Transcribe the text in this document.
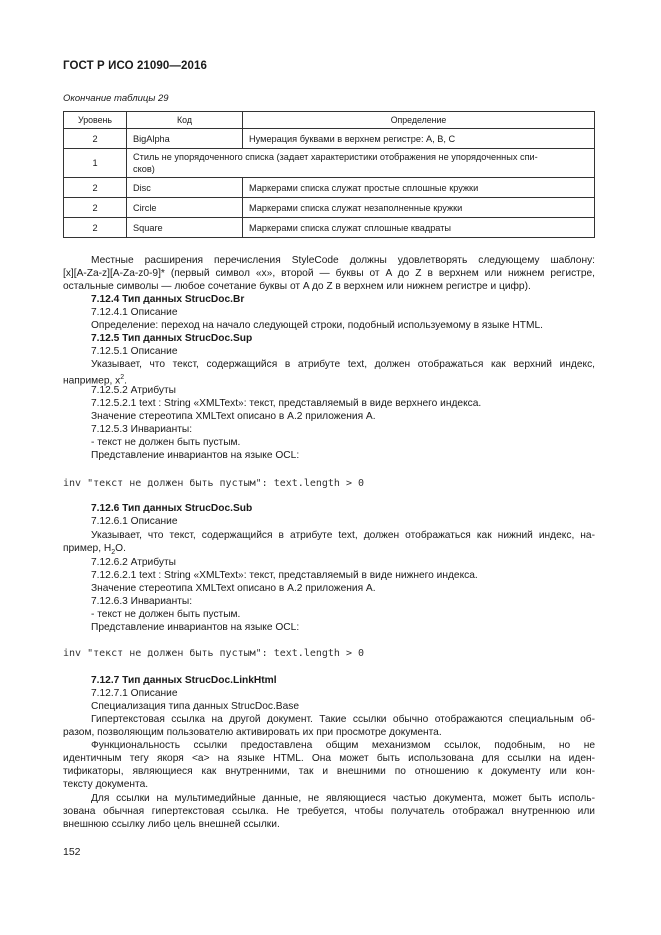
ГОСТ Р ИСО 21090—2016
Окончание таблицы 29
Уровень	Код	Определение
2	BigAlpha	Нумерация буквами в верхнем регистре: A, B, C
1	Стиль не упорядоченного списка (задает характеристики отображения не упорядоченных спи-
сков)	

2	Disc	Маркерами списка служат простые сплошные кружки
2	Circle	Маркерами списка служат незаполненные кружки
2	Square	Маркерами списка служат сплошные квадраты
Местные расширения перечисления StyleCode должны удовлетворять следующему шаблону:
[x][A-Za-z][A-Za-z0-9]* (первый символ «x», второй — буквы от A до Z в верхнем или нижнем регистре,
остальные символы — любое сочетание буквы от A до Z в верхнем или нижнем регистре и цифр).
7.12.4 Тип данных StrucDoc.Br
7.12.4.1 Описание
Определение: переход на начало следующей строки, подобный используемому в языке HTML.
7.12.5 Тип данных StrucDoc.Sup
7.12.5.1 Описание
Указывает, что текст, содержащийся в атрибуте text, должен отображаться как верхний индекс,
например, $x^2$.
7.12.5.2 Атрибуты
7.12.5.2.1 text : String «XMLText»: текст, представляемый в виде верхнего индекса.
Значение стереотипа XMLText описано в A.2 приложения A.
7.12.5.3 Инварианты:
- текст не должен быть пустым.
Представление инвариантов на языке OCL:
inv "текст не должен быть пустым": text.length > 0
7.12.6 Тип данных StrucDoc.Sub
7.12.6.1 Описание
Указывает, что текст, содержащийся в атрибуте text, должен отображаться как нижний индекс, на-
пример, $H_2O$.
7.12.6.2 Атрибуты
7.12.6.2.1 text : String «XMLText»: текст, представляемый в виде нижнего индекса.
Значение стереотипа XMLText описано в A.2 приложения A.
7.12.6.3 Инварианты:
- текст не должен быть пустым.
Представление инвариантов на языке OCL:
inv "текст не должен быть пустым": text.length > 0
7.12.7 Тип данных StrucDoc.LinkHtml
7.12.7.1 Описание
Специализация типа данных StrucDoc.Base
Гипертекстовая ссылка на другой документ. Такие ссылки обычно отображаются специальным об-
разом, позволяющим пользователю активировать их при просмотре документа.
Функциональность ссылки предоставлена общим механизмом ссылок, подобным, но не
идентичным тегу якоря <a> на языке HTML. Она может быть использована для ссылки на иден-
тификаторы, являющиеся как внутренними, так и внешними по отношению к документу или кон-
тексту документа.
Для ссылки на мультимедийные данные, не являющиеся частью документа, может быть исполь-
зована обычная гипертекстовая ссылка. Не требуется, чтобы получатель отображал внутреннюю или
внешнюю ссылку либо цель внешней ссылки.
152
